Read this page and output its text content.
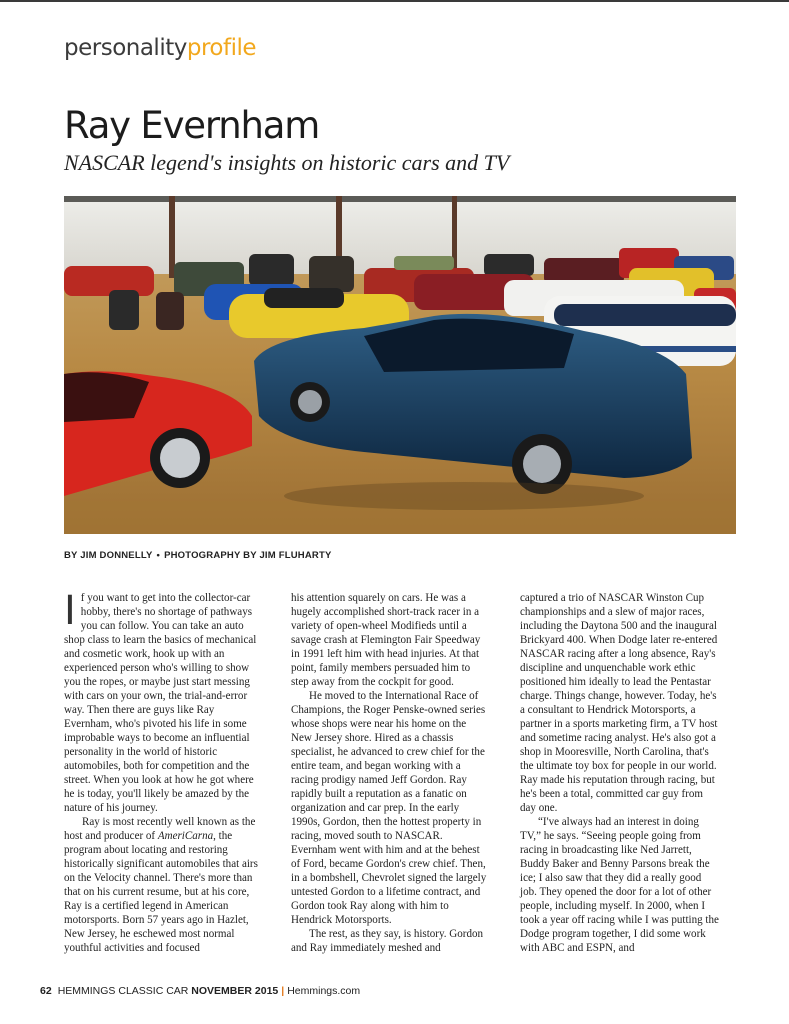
personalityprofile
Ray Evernham
NASCAR legend's insights on historic cars and TV
BY JIM DONNELLY • PHOTOGRAPHY BY JIM FLUHARTY

If you want to get into the collector-car hobby, there's no shortage of pathways you can follow. You can take an auto shop class to learn the basics of mechanical and cosmetic work, hook up with an experienced person who's willing to show you the ropes, or maybe just start messing with cars on your own, the trial-and-error way. Then there are guys like Ray Evernham, who's pivoted his life in some improbable ways to become an influential personality in the world of historic automobiles, both for competition and the street. When you look at how he got where he is today, you'll likely be amazed by the nature of his journey.

Ray is most recently well known as the host and producer of AmeriCarna, the program about locating and restoring historically significant automobiles that airs on the Velocity channel. There's more than that on his current resume, but at his core, Ray is a certified legend in American motorsports. Born 57 years ago in Hazlet, New Jersey, he eschewed most normal youthful activities and focused

his attention squarely on cars. He was a hugely accomplished short-track racer in a variety of open-wheel Modifieds until a savage crash at Flemington Fair Speedway in 1991 left him with head injuries. At that point, family members persuaded him to step away from the cockpit for good.

He moved to the International Race of Champions, the Roger Penske-owned series whose shops were near his home on the New Jersey shore. Hired as a chassis specialist, he advanced to crew chief for the entire team, and began working with a racing prodigy named Jeff Gordon. Ray rapidly built a reputation as a fanatic on organization and car prep. In the early 1990s, Gordon, then the hottest property in racing, moved south to NASCAR. Evernham went with him and at the behest of Ford, became Gordon's crew chief. Then, in a bombshell, Chevrolet signed the largely untested Gordon to a lifetime contract, and Gordon took Ray along with him to Hendrick Motorsports.

The rest, as they say, is history. Gordon and Ray immediately meshed and

captured a trio of NASCAR Winston Cup championships and a slew of major races, including the Daytona 500 and the inaugural Brickyard 400. When Dodge later re-entered NASCAR racing after a long absence, Ray's discipline and unquenchable work ethic positioned him ideally to lead the Pentastar charge. Things change, however. Today, he's a consultant to Hendrick Motorsports, a partner in a sports marketing firm, a TV host and sometime racing analyst. He's also got a shop in Mooresville, North Carolina, that's the ultimate toy box for people in our world. Ray made his reputation through racing, but he's been a total, committed car guy from day one.

“I've always had an interest in doing TV,” he says. “Seeing people going from racing in broadcasting like Ned Jarrett, Buddy Baker and Benny Parsons break the ice; I also saw that they did a really good job. They opened the door for a lot of other people, including myself. In 2000, when I took a year off racing while I was putting the Dodge program together, I did some work with ABC and ESPN, and

62 HEMMINGS CLASSIC CAR NOVEMBER 2015 | Hemmings.com
